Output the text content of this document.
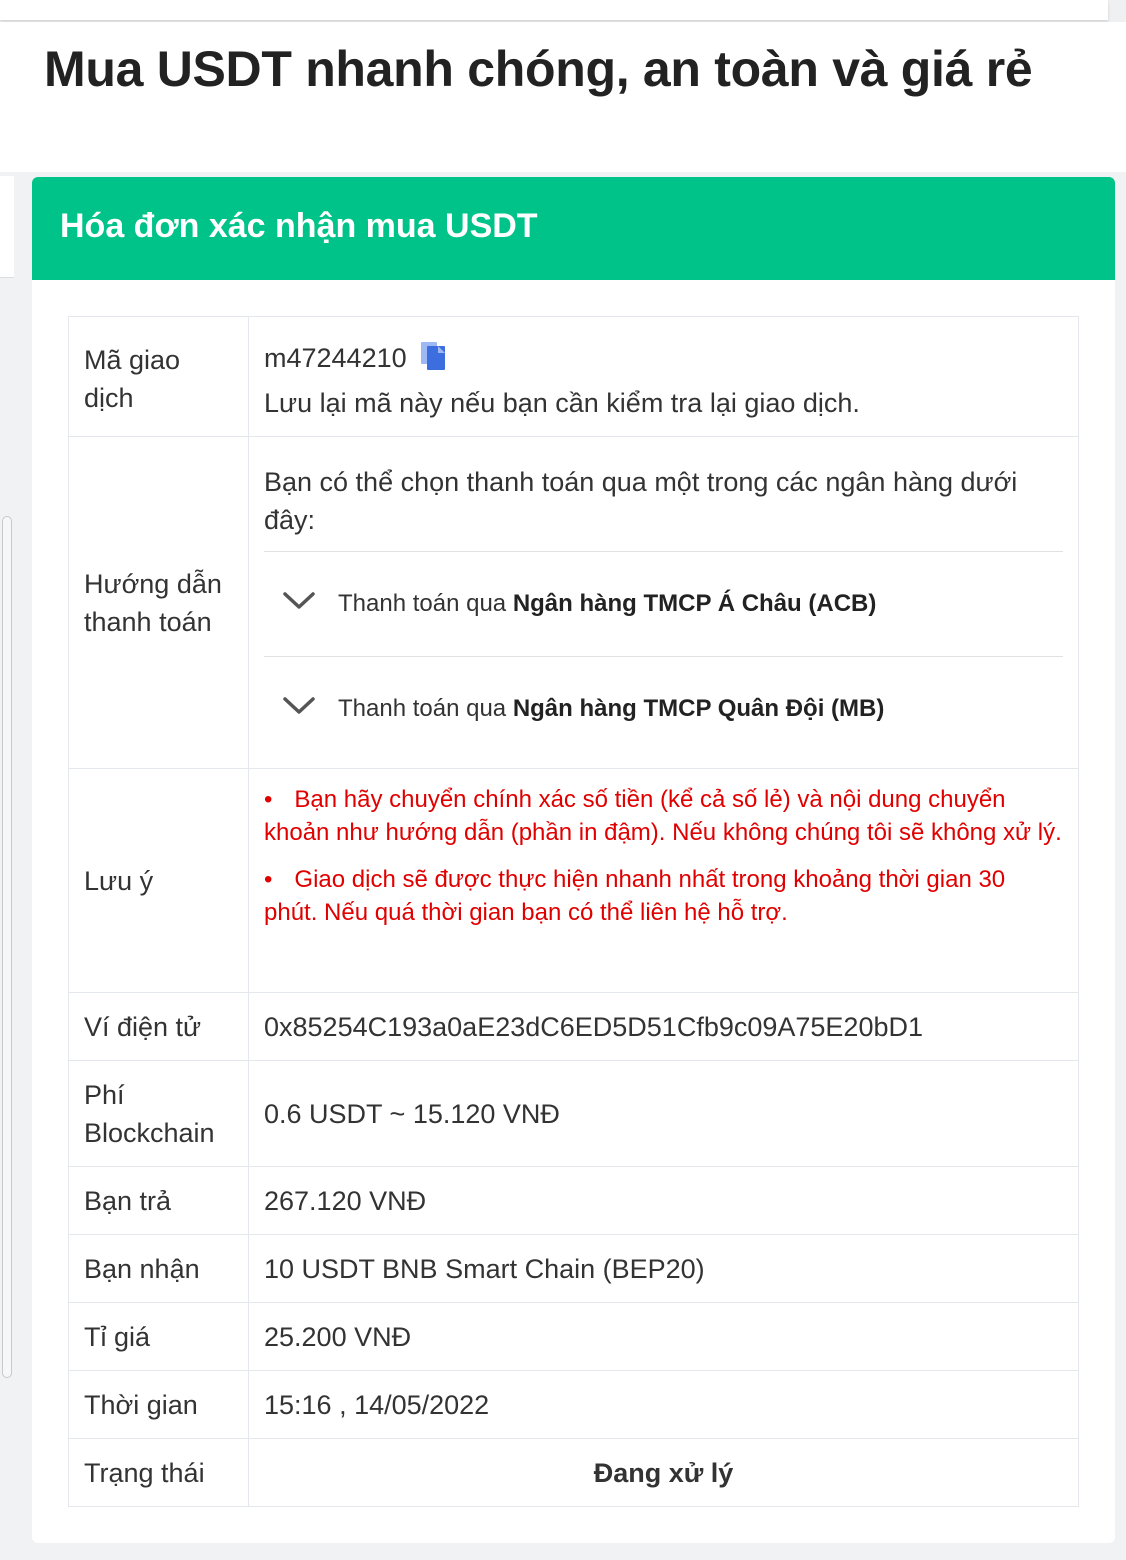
Mua USDT nhanh chóng, an toàn và giá rẻ
Hóa đơn xác nhận mua USDT
Mã giao dịch	m47244210
Lưu lại mã này nếu bạn cần kiểm tra lại giao dịch.

Hướng dẫn thanh toán	Bạn có thể chọn thanh toán qua một trong các ngân hàng dưới đây:
Thanh toán qua
Ngân hàng TMCP Á Châu (ACB)
Thanh toán qua
Ngân hàng TMCP Quân Đội (MB)

Lưu ý	• Bạn hãy chuyển chính xác số tiền (kể cả số lẻ) và nội dung chuyển khoản như hướng dẫn (phần in đậm). Nếu không chúng tôi sẽ không xử lý.

• Giao dịch sẽ được thực hiện nhanh nhất trong khoảng thời gian 30 phút. Nếu quá thời gian bạn có thể liên hệ hỗ trợ.

Ví điện tử	0x85254C193a0aE23dC6ED5D51Cfb9c09A75E20bD1
Phí Blockchain	0.6 USDT ~ 15.120 VNĐ
Bạn trả	267.120 VNĐ
Bạn nhận	10 USDT BNB Smart Chain (BEP20)
Tỉ giá	25.200 VNĐ
Thời gian	15:16 , 14/05/2022
Trạng thái	Đang xử lý
